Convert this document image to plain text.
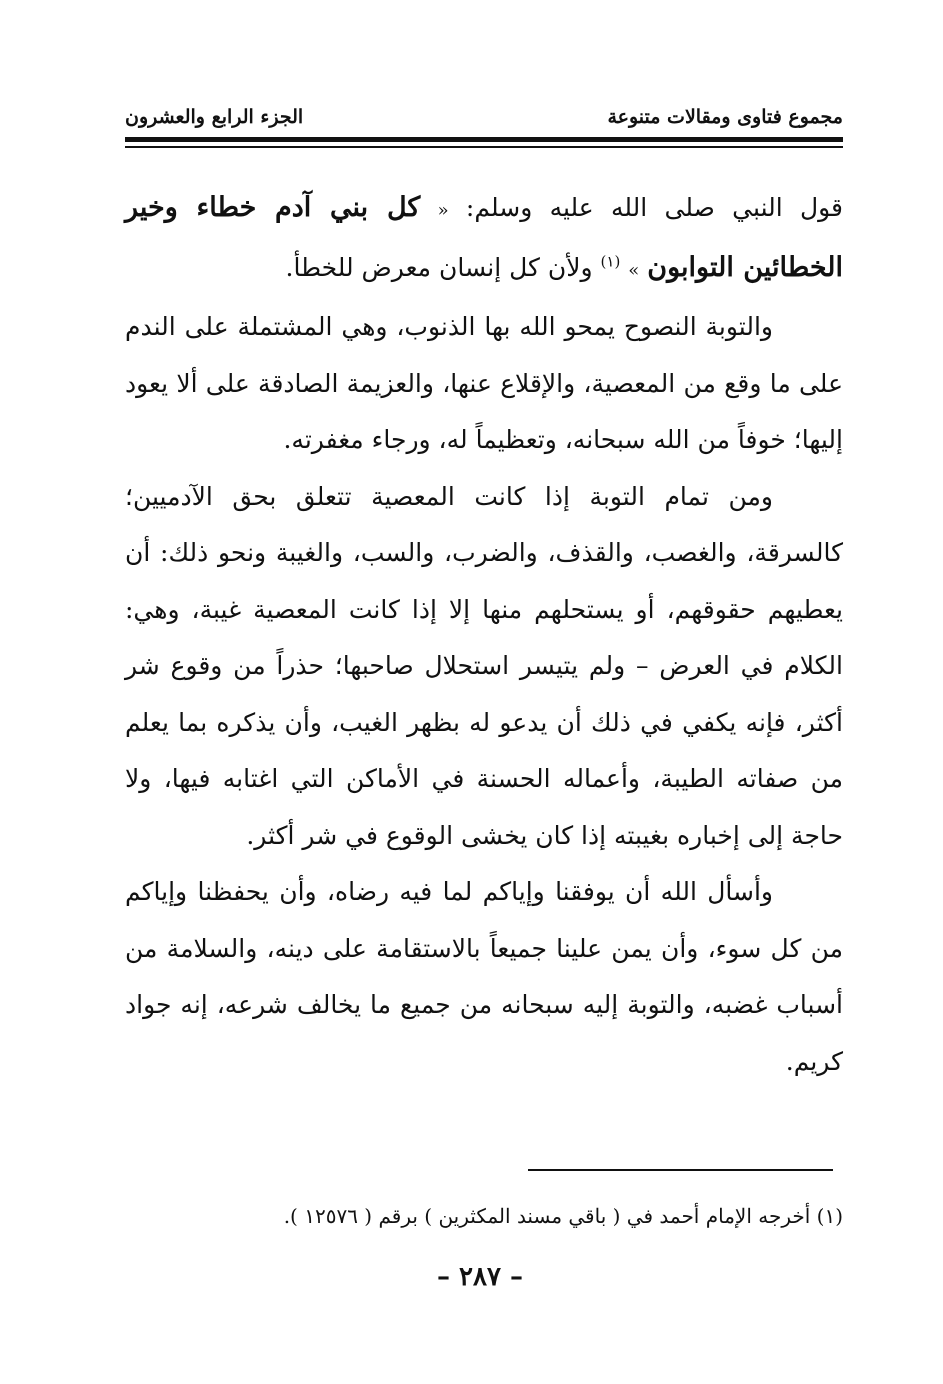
مجموع فتاوى ومقالات متنوعة
الجزء الرابع والعشرون

قول النبي صلى الله عليه وسلم: « كل بني آدم خطاء وخير الخطائين التوابون » $^{(١)}$ ولأن كل إنسان معرض للخطأ.

والتوبة النصوح يمحو الله بها الذنوب، وهي المشتملة على الندم على ما وقع من المعصية، والإقلاع عنها، والعزيمة الصادقة على ألا يعود إليها؛ خوفاً من الله سبحانه، وتعظيماً له، ورجاء مغفرته.

ومن تمام التوبة إذا كانت المعصية تتعلق بحق الآدميين؛ كالسرقة، والغصب، والقذف، والضرب، والسب، والغيبة ونحو ذلك: أن يعطيهم حقوقهم، أو يستحلهم منها إلا إذا كانت المعصية غيبة، وهي: الكلام في العرض – ولم يتيسر استحلال صاحبها؛ حذراً من وقوع شر أكثر، فإنه يكفي في ذلك أن يدعو له بظهر الغيب، وأن يذكره بما يعلم من صفاته الطيبة، وأعماله الحسنة في الأماكن التي اغتابه فيها، ولا حاجة إلى إخباره بغيبته إذا كان يخشى الوقوع في شر أكثر.

وأسأل الله أن يوفقنا وإياكم لما فيه رضاه، وأن يحفظنا وإياكم من كل سوء، وأن يمن علينا جميعاً بالاستقامة على دينه، والسلامة من أسباب غضبه، والتوبة إليه سبحانه من جميع ما يخالف شرعه، إنه جواد كريم.

(١) أخرجه الإمام أحمد في ( باقي مسند المكثرين ) برقم ( ١٢٥٧٦ ).
– ٢٨٧ –
